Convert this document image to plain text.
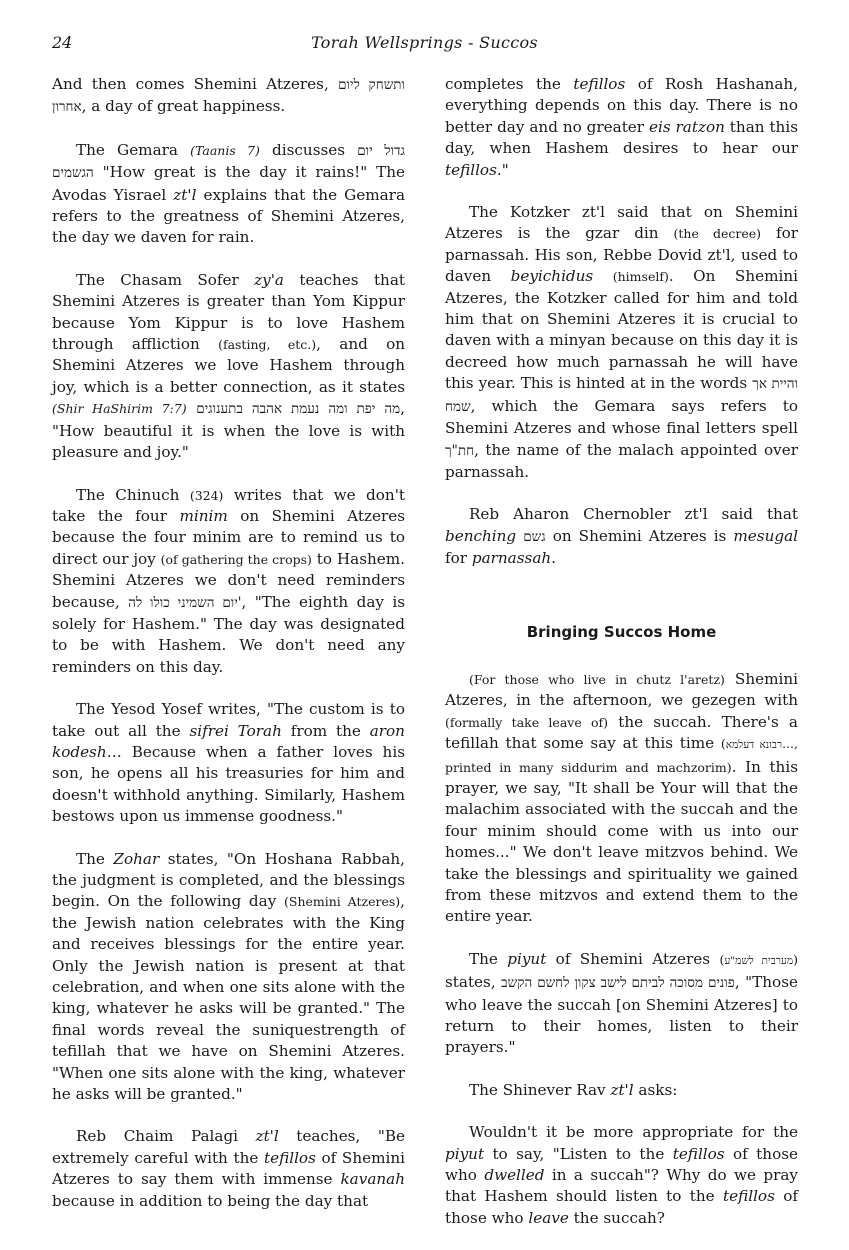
24	Torah Wellsprings - Succos

And then comes Shemini Atzeres, ותשחק ליום אחרון, a day of great happiness.

The Gemara (Taanis 7) discusses גדול יום הגשמים "How great is the day it rains!" The Avodas Yisrael zt'l explains that the Gemara refers to the greatness of Shemini Atzeres, the day we daven for rain.

The Chasam Sofer zy'a teaches that Shemini Atzeres is greater than Yom Kippur because Yom Kippur is to love Hashem through affliction (fasting, etc.), and on Shemini Atzeres we love Hashem through joy, which is a better connection, as it states (Shir HaShirim 7:7) מה יפת ומה נעמת אהבה בתענוגים, "How beautiful it is when the love is with pleasure and joy."

The Chinuch (324) writes that we don't take the four minim on Shemini Atzeres because the four minim are to remind us to direct our joy (of gathering the crops) to Hashem. Shemini Atzeres we don't need reminders because, 'יום השמיני כולו לה, "The eighth day is solely for Hashem." The day was designated to be with Hashem. We don't need any reminders on this day.

The Yesod Yosef writes, "The custom is to take out all the sifrei Torah from the aron kodesh… Because when a father loves his son, he opens all his treasuries for him and doesn't withhold anything. Similarly, Hashem bestows upon us immense goodness."

The Zohar states, "On Hoshana Rabbah, the judgment is completed, and the blessings begin. On the following day (Shemini Atzeres), the Jewish nation celebrates with the King and receives blessings for the entire year. Only the Jewish nation is present at that celebration, and when one sits alone with the king, whatever he asks will be granted." The final words reveal the suniquestrength of tefillah that we have on Shemini Atzeres. "When one sits alone with the king, whatever he asks will be granted."

Reb Chaim Palagi zt'l teaches, "Be extremely careful with the tefillos of Shemini Atzeres to say them with immense kavanah because in addition to being the day that

completes the tefillos of Rosh Hashanah, everything depends on this day. There is no better day and no greater eis ratzon than this day, when Hashem desires to hear our tefillos."

The Kotzker zt'l said that on Shemini Atzeres is the gzar din (the decree) for parnassah. His son, Rebbe Dovid zt'l, used to daven beyichidus (himself). On Shemini Atzeres, the Kotzker called for him and told him that on Shemini Atzeres it is crucial to daven with a minyan because on this day it is decreed how much parnassah he will have this year. This is hinted at in the words והיית אך שמח, which the Gemara says refers to Shemini Atzeres and whose final letters spell חת"ך, the name of the malach appointed over parnassah.

Reb Aharon Chernobler zt'l said that benching גשם on Shemini Atzeres is mesugal for parnassah.

Bringing Succos Home

(For those who live in chutz l'aretz) Shemini Atzeres, in the afternoon, we gezegen with (formally take leave of) the succah. There's a tefillah that some say at this time (רבונא דעלמא..., printed in many siddurim and machzorim). In this prayer, we say, "It shall be Your will that the malachim associated with the succah and the four minim should come with us into our homes..." We don't leave mitzvos behind. We take the blessings and spirituality we gained from these mitzvos and extend them to the entire year.

The piyut of Shemini Atzeres (מערבית לשמ"ע) states, פונים מסוכה לביתם לישב צקון לחשם הקשב, "Those who leave the succah [on Shemini Atzeres] to return to their homes, listen to their prayers."

The Shinever Rav zt'l asks:

Wouldn't it be more appropriate for the piyut to say, "Listen to the tefillos of those who dwelled in a succah"? Why do we pray that Hashem should listen to the tefillos of those who leave the succah?
